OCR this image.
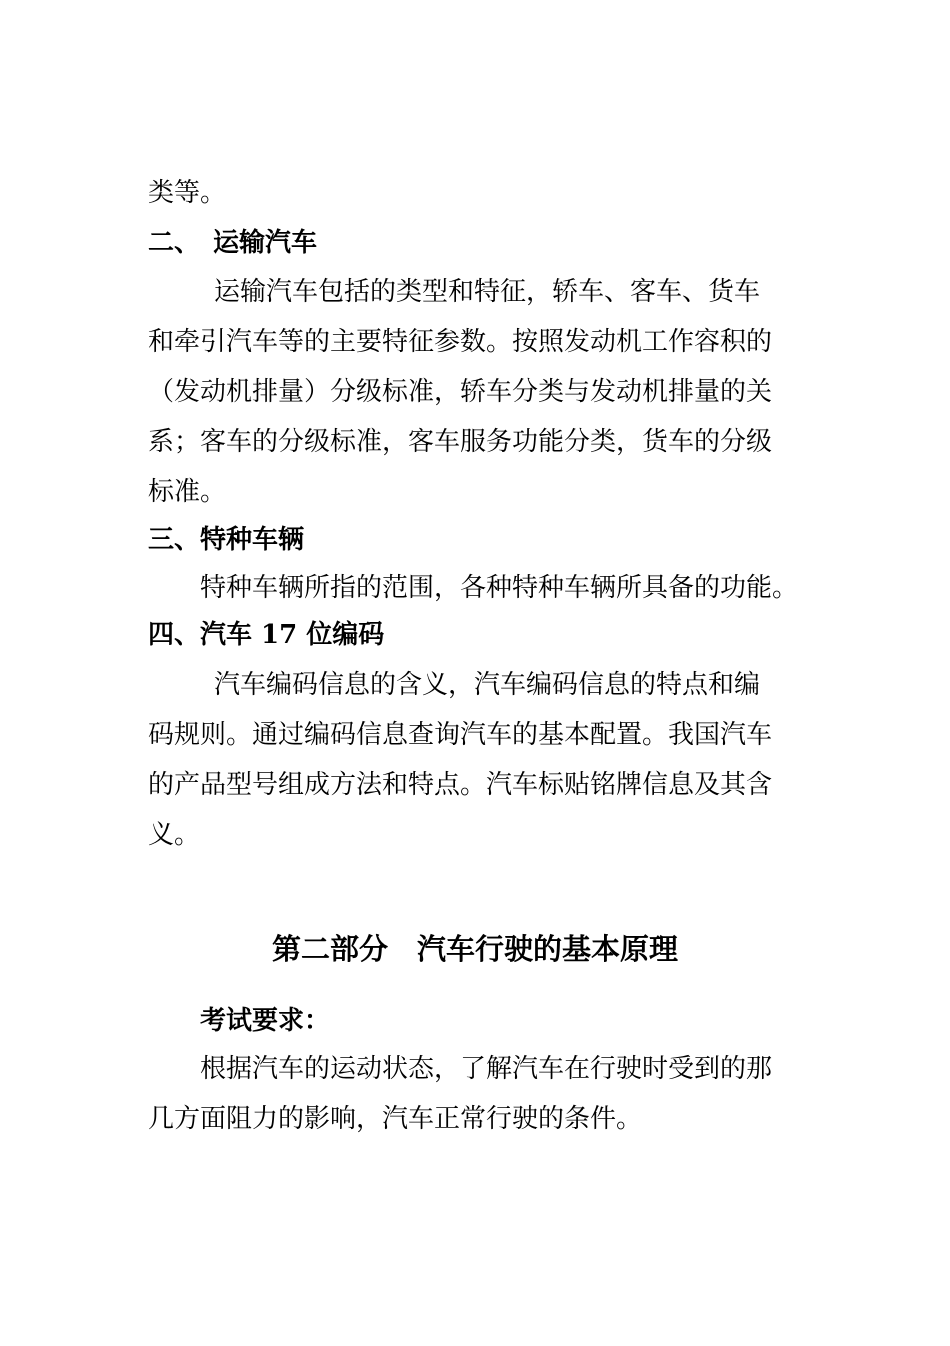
类等。
二、　运输汽车
运输汽车包括的类型和特征，轿车、客车、货车
和牵引汽车等的主要特征参数。按照发动机工作容积的
（发动机排量）分级标准，轿车分类与发动机排量的关
系；客车的分级标准，客车服务功能分类，货车的分级
标准。
三、特种车辆
特种车辆所指的范围，各种特种车辆所具备的功能。
四、汽车 17 位编码
汽车编码信息的含义，汽车编码信息的特点和编
码规则。通过编码信息查询汽车的基本配置。我国汽车
的产品型号组成方法和特点。汽车标贴铭牌信息及其含
义。
第二部分　汽车行驶的基本原理
考试要求：
根据汽车的运动状态，了解汽车在行驶时受到的那
几方面阻力的影响，汽车正常行驶的条件。
